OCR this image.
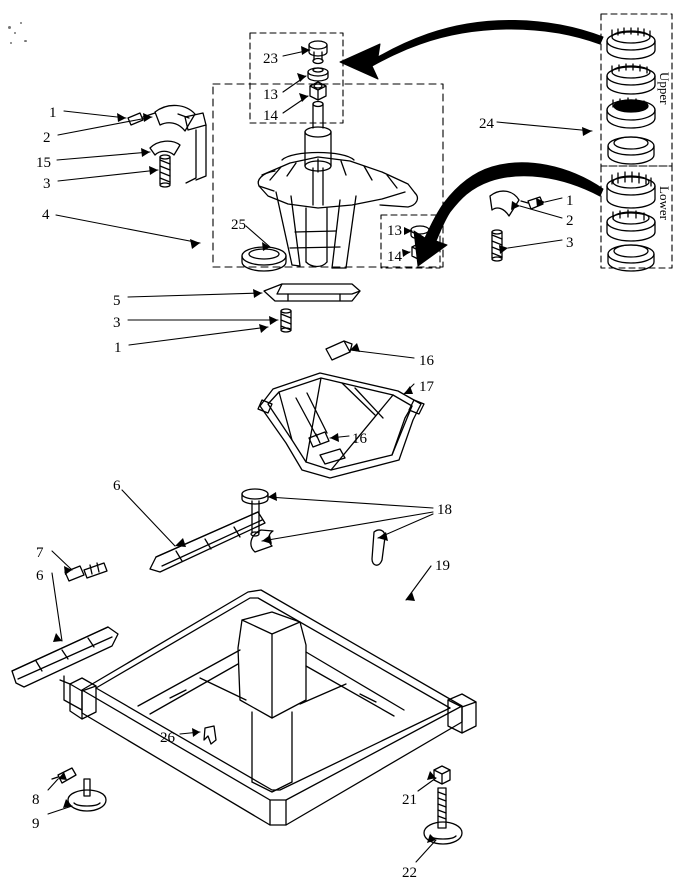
1
2
15
3
4
23
13
14
25	13
14
24
1
2
3
5
3
1
16
17
16
6
18
7
6
19
26
8
9
21
22
Upper
Lower
